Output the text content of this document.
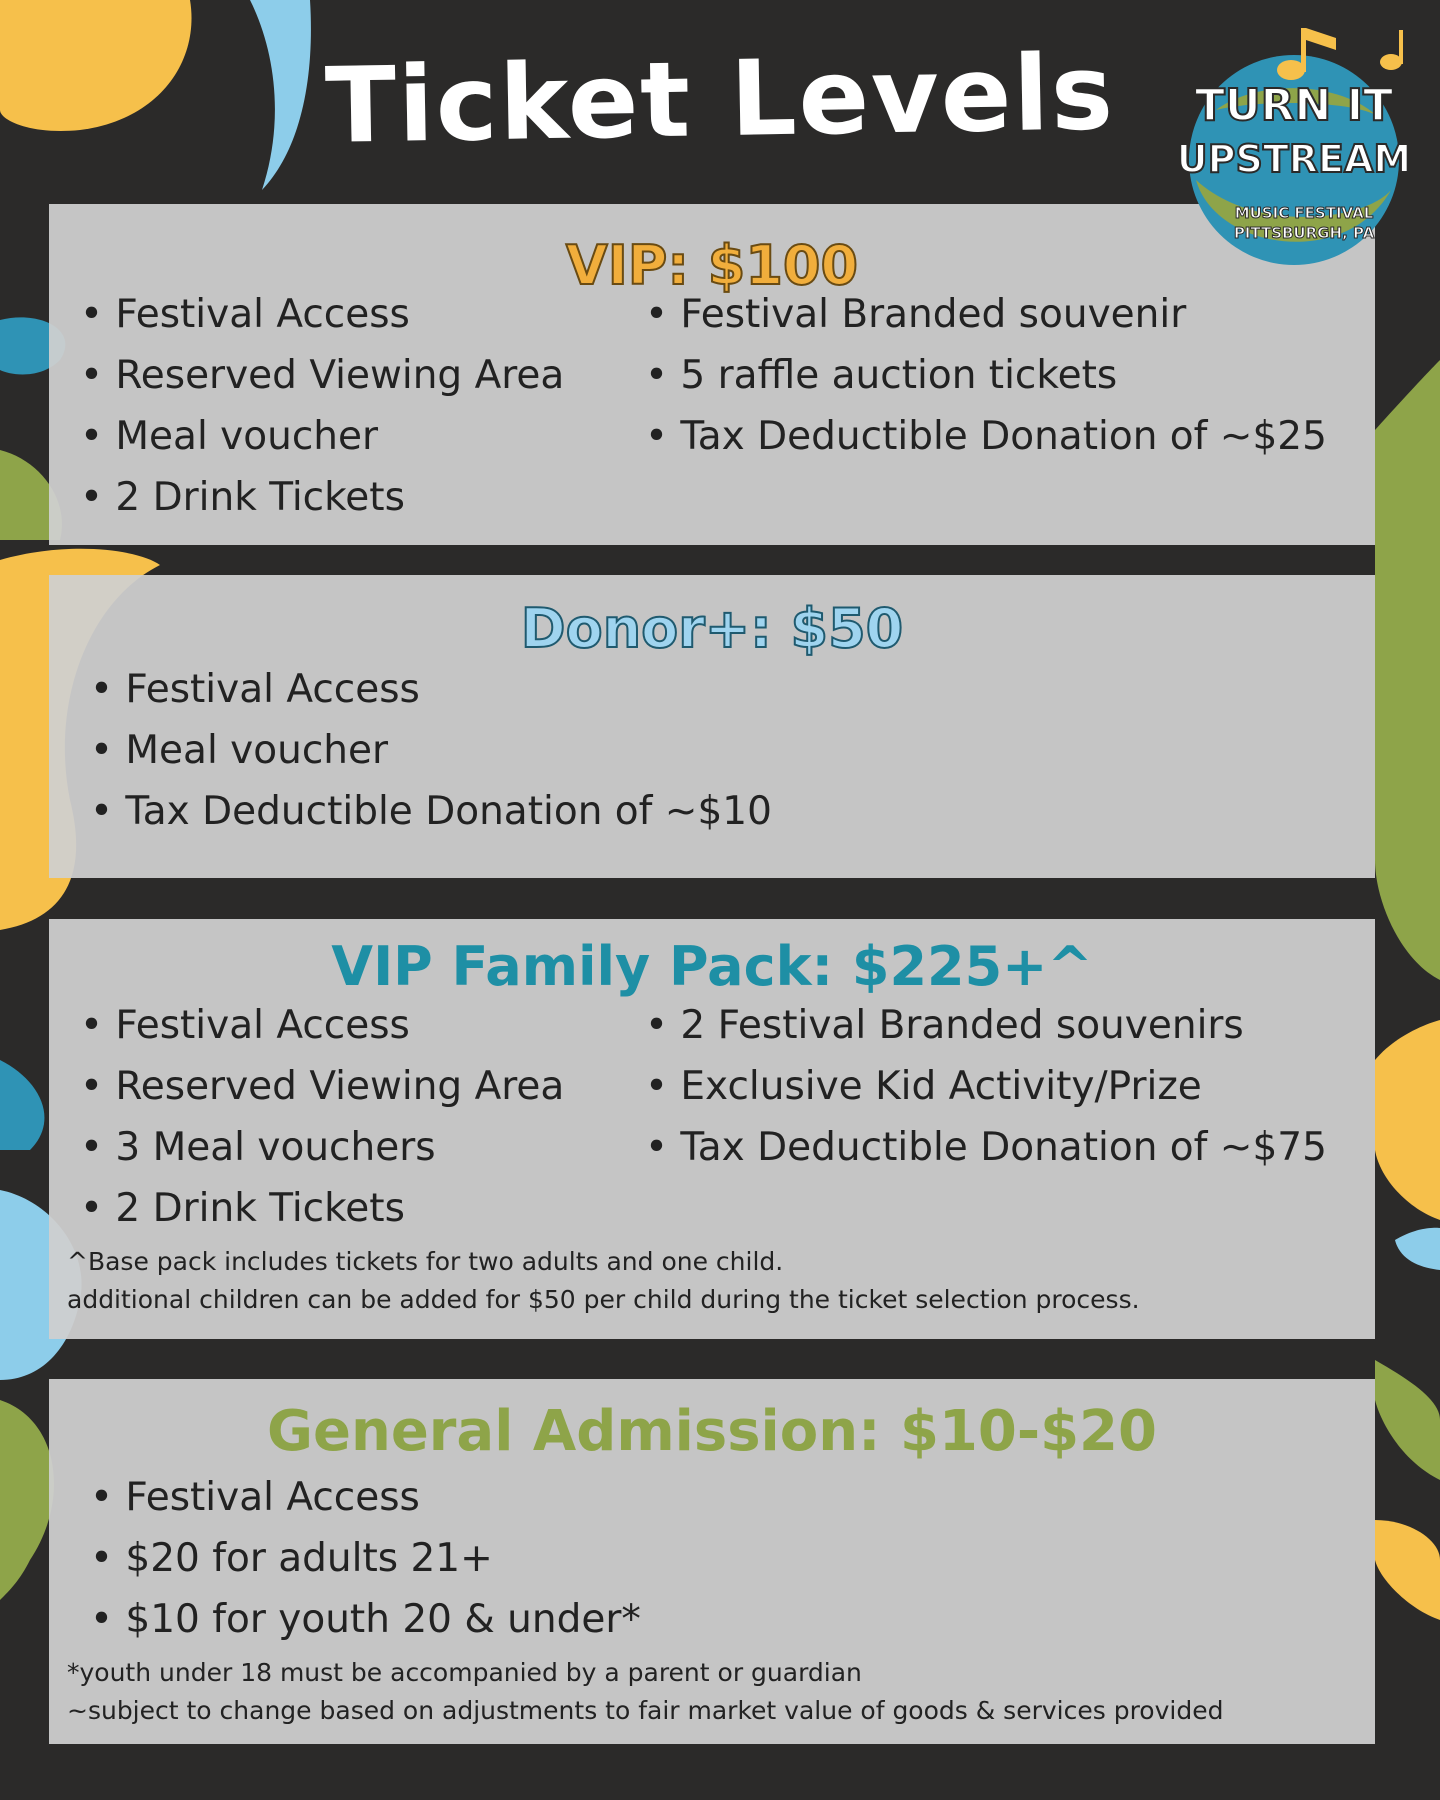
Ticket Levels	TURN IT
UPSTREAM
MUSIC FESTIVAL
PITTSBURGH, PA
VIP: $100
• Festival Access
• Reserved Viewing Area
• Meal voucher
• 2 Drink Tickets
• Festival Branded souvenir
• 5 raffle auction tickets
• Tax Deductible Donation of ~$25
Donor+: $50
• Festival Access
• Meal voucher
• Tax Deductible Donation of ~$10
VIP Family Pack: $225+^
• Festival Access
• Reserved Viewing Area
• 3 Meal vouchers
• 2 Drink Tickets
• 2 Festival Branded souvenirs
• Exclusive Kid Activity/Prize
• Tax Deductible Donation of ~$75

^Base pack includes tickets for two adults and one child.

additional children can be added for $50 per child during the ticket selection process.

General Admission: $10-$20
• Festival Access
• $20 for adults 21+
• $10 for youth 20 & under*

*youth under 18 must be accompanied by a parent or guardian

~subject to change based on adjustments to fair market value of goods & services provided
